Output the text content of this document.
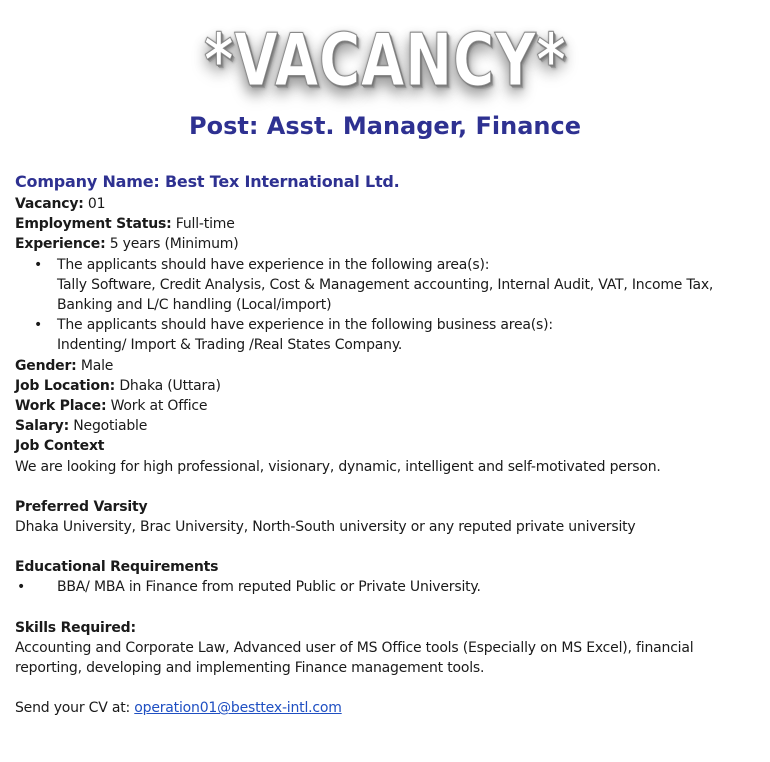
*VACANCY*
Post: Asst. Manager, Finance

Company Name: Best Tex International Ltd.

Vacancy: 01

Employment Status: Full-time

Experience: 5 years (Minimum)

• The applicants should have experience in the following area(s):
Tally Software, Credit Analysis, Cost & Management accounting, Internal Audit, VAT, Income Tax, Banking and L/C handling (Local/import)
• The applicants should have experience in the following business area(s):
Indenting/ Import & Trading /Real States Company.

Gender: Male

Job Location: Dhaka (Uttara)

Work Place: Work at Office

Salary: Negotiable

Job Context

We are looking for high professional, visionary, dynamic, intelligent and self-motivated person.

Preferred Varsity

Dhaka University, Brac University, North-South university or any reputed private university

Educational Requirements

• BBA/ MBA in Finance from reputed Public or Private University.

Skills Required:

Accounting and Corporate Law, Advanced user of MS Office tools (Especially on MS Excel), financial reporting, developing and implementing Finance management tools.

Send your CV at: operation01@besttex-intl.com
